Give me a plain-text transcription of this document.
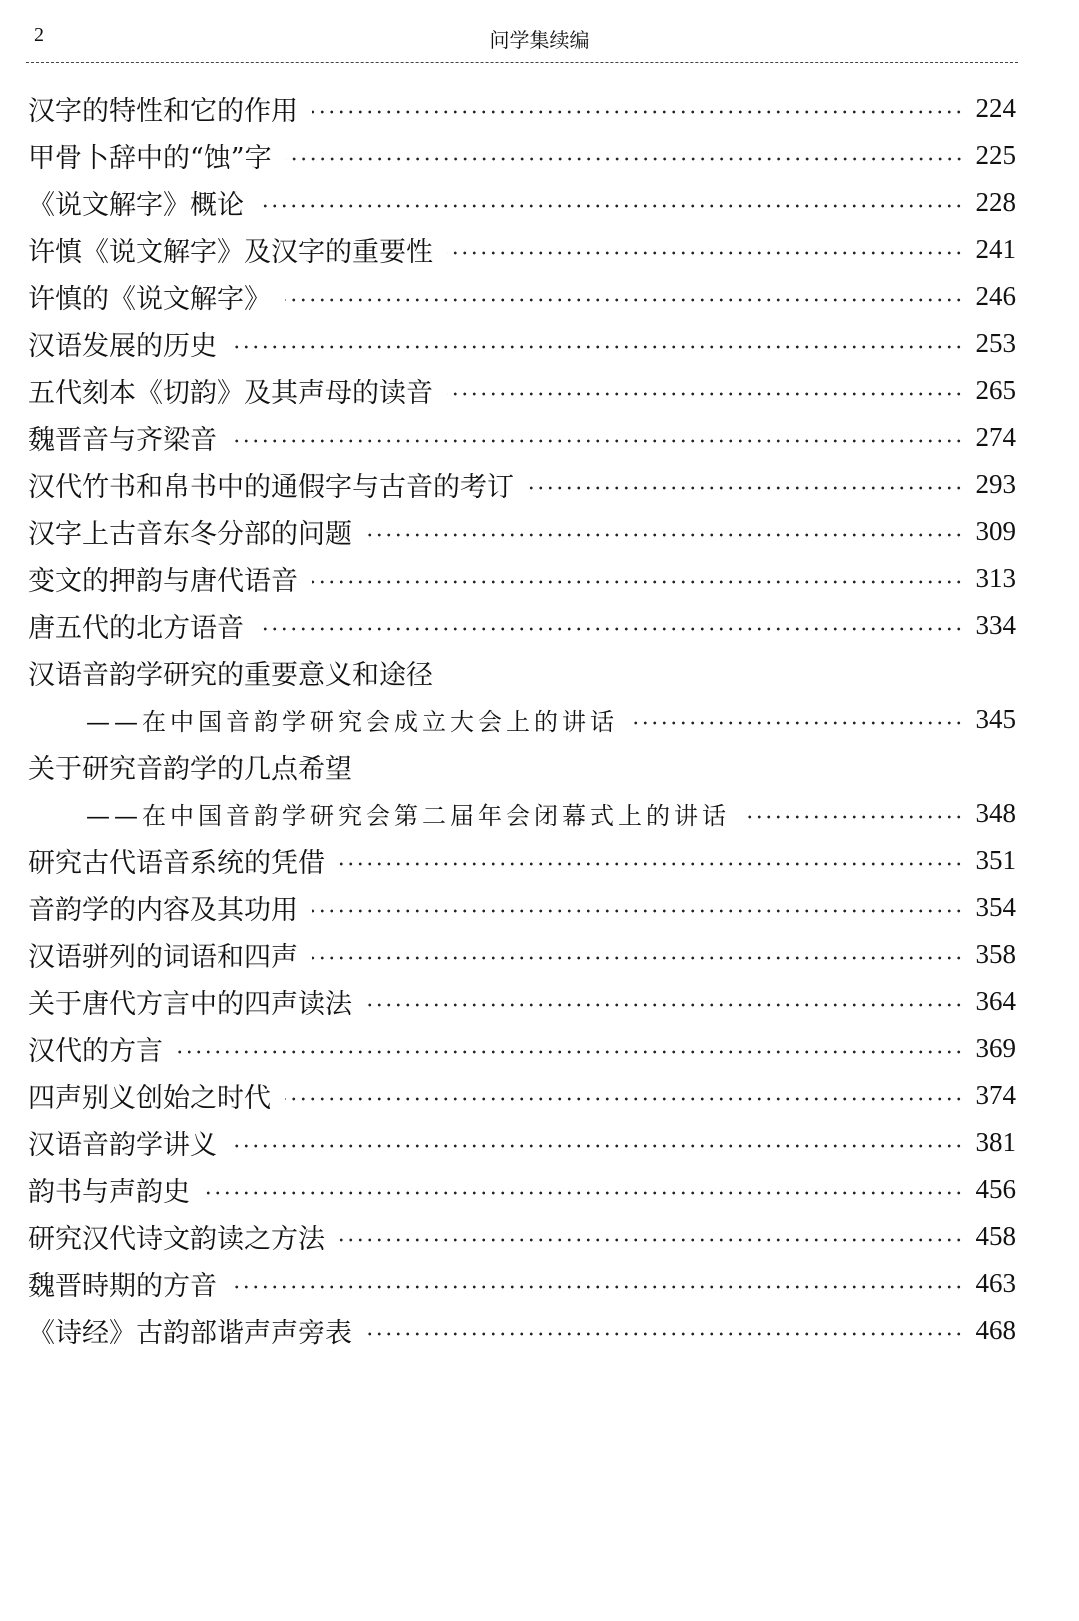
2	问学集续编
汉字的特性和它的作用	224
甲骨卜辞中的“蚀”字	225
《说文解字》概论	228
许慎《说文解字》及汉字的重要性	241
许慎的《说文解字》	246
汉语发展的历史	253
五代刻本《切韵》及其声母的读音	265
魏晋音与齐梁音	274
汉代竹书和帛书中的通假字与古音的考订	293
汉字上古音东冬分部的问题	309
变文的押韵与唐代语音	313
唐五代的北方语音	334
汉语音韵学研究的重要意义和途径
——在中国音韵学研究会成立大会上的讲话	345
关于研究音韵学的几点希望
——在中国音韵学研究会第二届年会闭幕式上的讲话	348
研究古代语音系统的凭借	351
音韵学的内容及其功用	354
汉语骈列的词语和四声	358
关于唐代方言中的四声读法	364
汉代的方言	369
四声别义创始之时代	374
汉语音韵学讲义	381
韵书与声韵史	456
研究汉代诗文韵读之方法	458
魏晋時期的方音	463
《诗经》古韵部谐声声旁表	468
